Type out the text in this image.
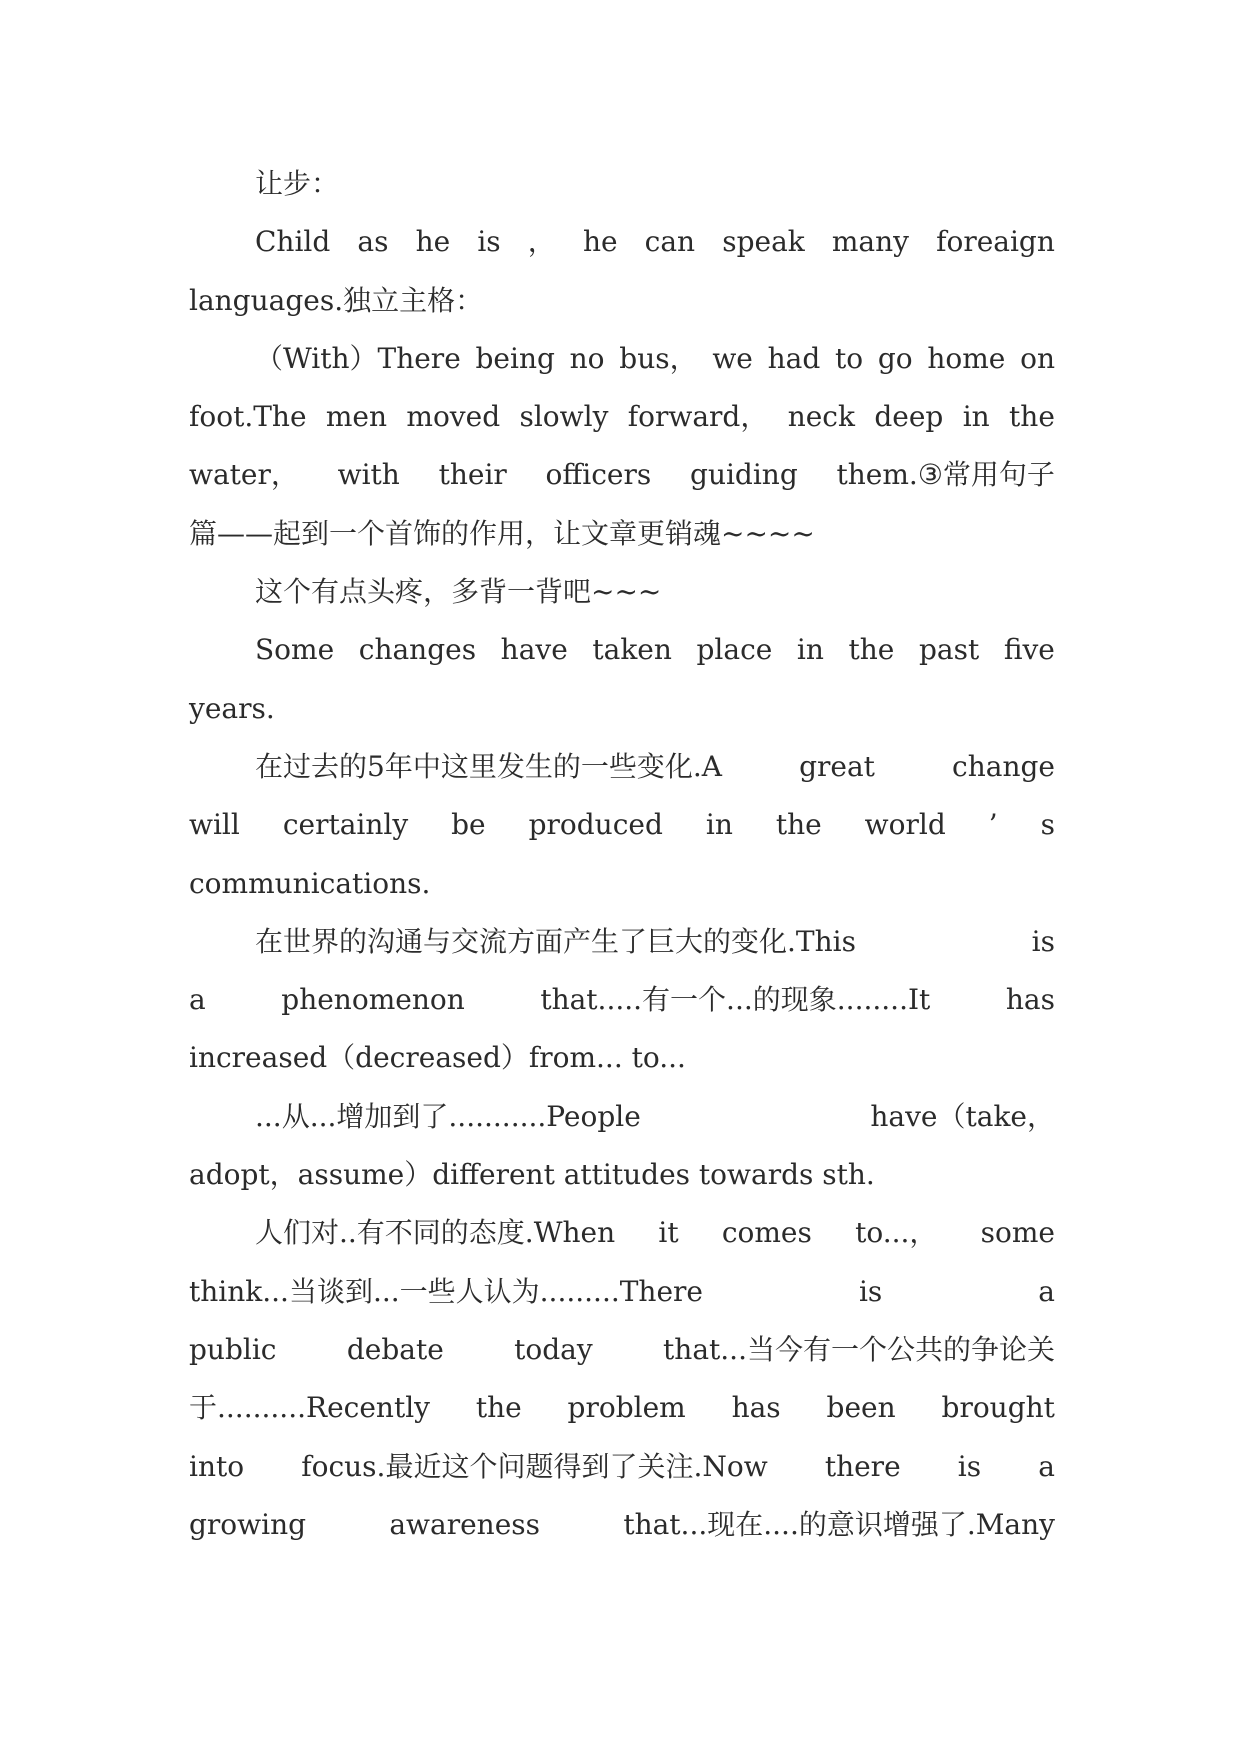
让步：
Child as he is ， he can speak many foreaign
languages.独立主格：
（With）There being no bus， we had to go home on
foot.The men moved slowly forward， neck deep in the
water， with their officers guiding them.③常用句子
篇——起到一个首饰的作用，让文章更销魂~~~~
这个有点头疼，多背一背吧~~~
Some changes have taken place in the past five
years.
在过去的5年中这里发生的一些变化.A	great	change
will certainly be produced in the world ’ s
communications.
在世界的沟通与交流方面产生了巨大的变化.This	is
a	phenomenon	that.....有一个...的现象........It	has
increased（decreased）from... to...
...从...增加到了...........People	have（take，
adopt，assume）different attitudes towards sth.
人们对..有不同的态度.When it comes to...， some
think...当谈到...一些人认为.........There	is	a
public	debate	today	that...当今有一个公共的争论关
于..........Recently the problem has been brought
into focus.最近这个问题得到了关注.Now there is a
growing	awareness	that...现在....的意识增强了.Many
